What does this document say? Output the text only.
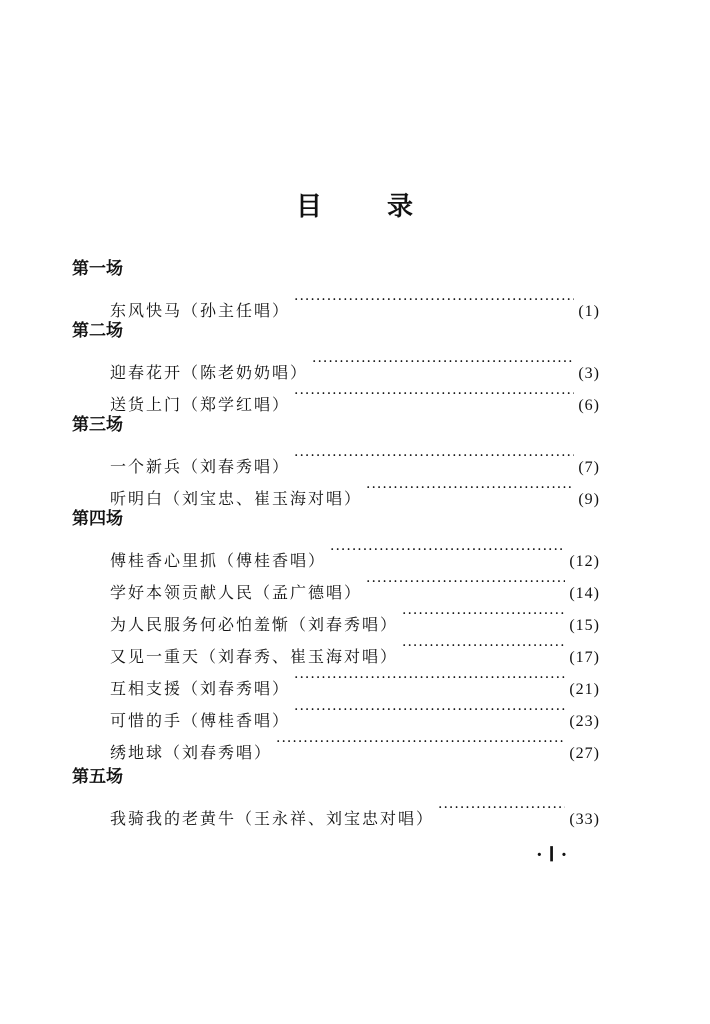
目 录
第一场
东风快马（孙主任唱） ·····	(1)
第二场
迎春花开（陈老奶奶唱） ·····	(3)
送货上门（郑学红唱） ·····	(6)
第三场
一个新兵（刘春秀唱） ·····	(7)
听明白（刘宝忠、崔玉海对唱） ·····	(9)
第四场
傅桂香心里抓（傅桂香唱） ·····	(12)
学好本领贡献人民（孟广德唱） ·····	(14)
为人民服务何必怕羞惭（刘春秀唱） ·····	(15)
又见一重天（刘春秀、崔玉海对唱） ·····	(17)
互相支援（刘春秀唱） ·····	(21)
可惜的手（傅桂香唱） ·····	(23)
绣地球（刘春秀唱） ·····	(27)
第五场
我骑我的老黄牛（王永祥、刘宝忠对唱） ·····	(33)
·Ⅰ·
